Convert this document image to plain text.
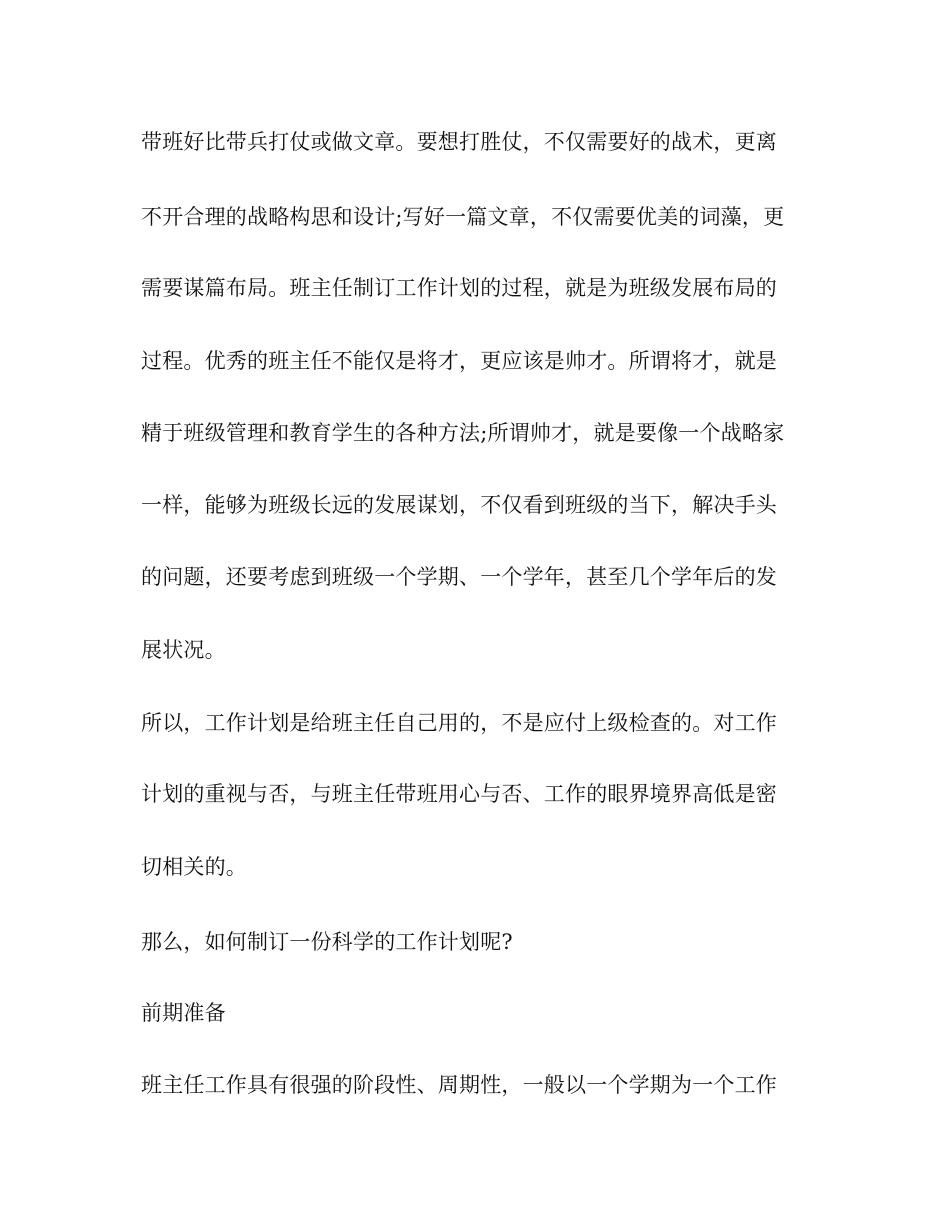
带班好比带兵打仗或做文章。要想打胜仗，不仅需要好的战术，更离
不开合理的战略构思和设计;写好一篇文章，不仅需要优美的词藻，更
需要谋篇布局。班主任制订工作计划的过程，就是为班级发展布局的
过程。优秀的班主任不能仅是将才，更应该是帅才。所谓将才，就是
精于班级管理和教育学生的各种方法;所谓帅才，就是要像一个战略家
一样，能够为班级长远的发展谋划，不仅看到班级的当下，解决手头
的问题，还要考虑到班级一个学期、一个学年，甚至几个学年后的发
展状况。
所以，工作计划是给班主任自己用的，不是应付上级检查的。对工作
计划的重视与否，与班主任带班用心与否、工作的眼界境界高低是密
切相关的。
那么，如何制订一份科学的工作计划呢?
前期准备
班主任工作具有很强的阶段性、周期性，一般以一个学期为一个工作
